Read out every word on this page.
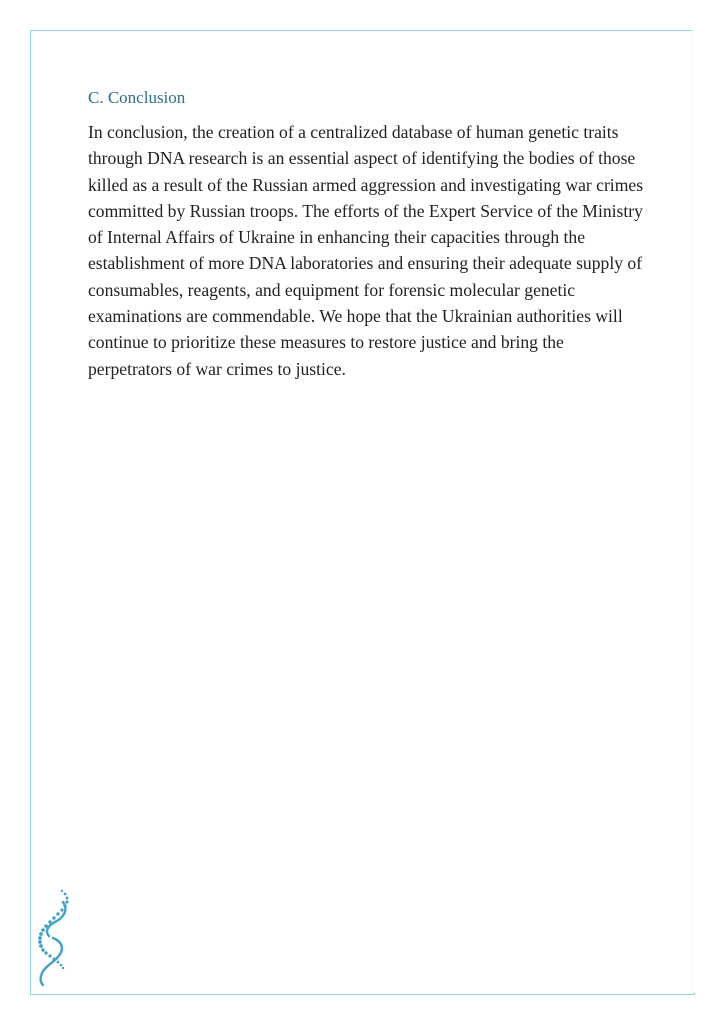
C. Conclusion

In conclusion, the creation of a centralized database of human genetic traits through DNA research is an essential aspect of identifying the bodies of those killed as a result of the Russian armed aggression and investigating war crimes committed by Russian troops. The efforts of the Expert Service of the Ministry of Internal Affairs of Ukraine in enhancing their capacities through the establishment of more DNA laboratories and ensuring their adequate supply of consumables, reagents, and equipment for forensic molecular genetic examinations are commendable. We hope that the Ukrainian authorities will continue to prioritize these measures to restore justice and bring the perpetrators of war crimes to justice.
